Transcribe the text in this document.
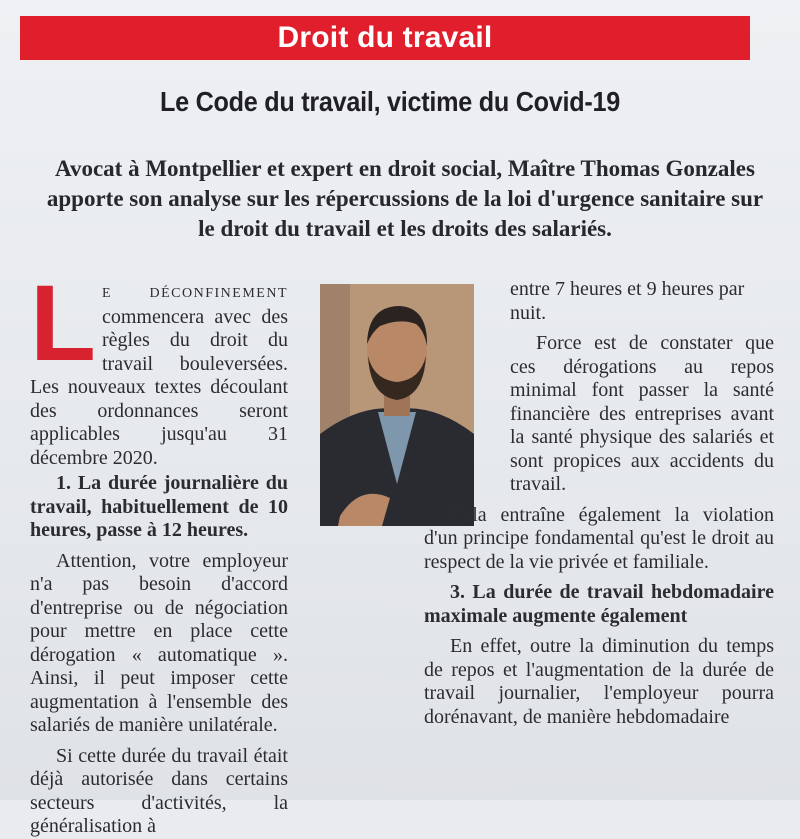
Droit du travail
Le Code du travail, victime du Covid-19
Avocat à Montpellier et expert en droit social, Maître Thomas Gonzales apporte son analyse sur les répercussions de la loi d'urgence sanitaire sur le droit du travail et les droits des salariés.

LE DÉCONFINEMENT commencera avec des règles du droit du travail bouleversées. Les nouveaux textes découlant des ordonnances seront applicables jusqu'au 31 décembre 2020.

1. La durée journalière du travail, habituellement de 10 heures, passe à 12 heures.

Attention, votre employeur n'a pas besoin d'accord d'entreprise ou de négociation pour mettre en place cette dérogation « automatique ». Ainsi, il peut imposer cette augmentation à l'ensemble des salariés de manière unilatérale.

Si cette durée du travail était déjà autorisée dans certains secteurs d'activités, la généralisation à

entre 7 heures et 9 heures par nuit.

Force est de constater que ces dérogations au repos minimal font passer la santé financière des entreprises avant la santé physique des salariés et sont propices aux accidents du travail.

Cela entraîne également la violation d'un principe fondamental qu'est le droit au respect de la vie privée et familiale.

3. La durée de travail hebdomadaire maximale augmente également

En effet, outre la diminution du temps de repos et l'augmentation de la durée de travail journalier, l'employeur pourra dorénavant, de manière hebdomadaire
